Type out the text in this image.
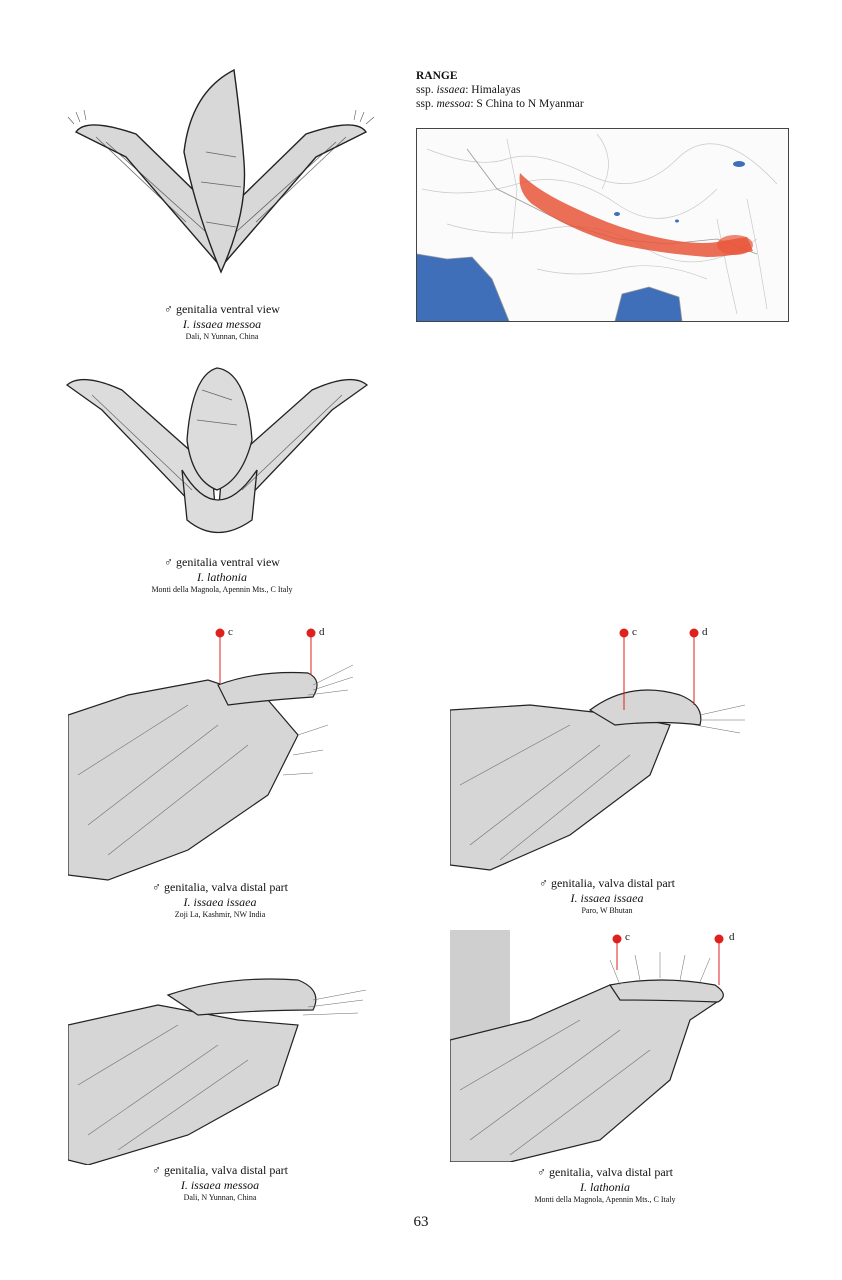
RANGE
ssp. issaea: Himalayas
ssp. messoa: S China to N Myanmar
♂ genitalia ventral view
I. issaea messoa
Dali, N Yunnan, China
♂ genitalia ventral view
I. lathonia
Monti della Magnola, Apennin Mts., C Italy
c	d
♂ genitalia, valva distal part
I. issaea issaea
Zoji La, Kashmir, NW India
c	d
♂ genitalia, valva distal part
I. issaea issaea
Paro, W Bhutan
♂ genitalia, valva distal part
I. issaea messoa
Dali, N Yunnan, China
c	d
♂ genitalia, valva distal part
I. lathonia
Monti della Magnola, Apennin Mts., C Italy
63
